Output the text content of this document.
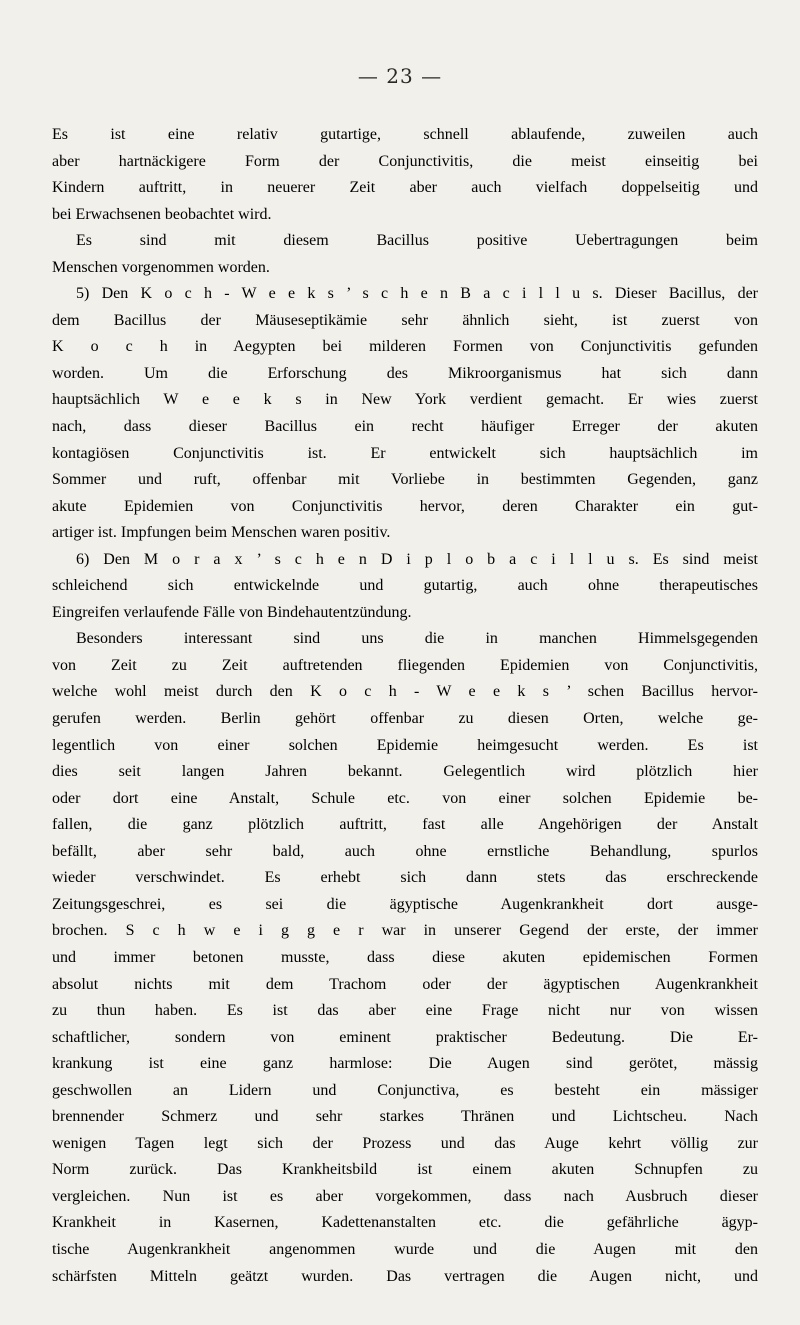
— 23 —
Es ist eine relativ gutartige, schnell ablaufende, zuweilen auch
aber hartnäckigere Form der Conjunctivitis, die meist einseitig bei
Kindern auftritt, in neuerer Zeit aber auch vielfach doppelseitig und
bei Erwachsenen beobachtet wird.
Es sind mit diesem Bacillus positive Uebertragungen beim
Menschen vorgenommen worden.
5) Den K o c h - W e e k s ’ s c h e n B a c i l l u s. Dieser Bacillus, der
dem Bacillus der Mäuseseptikämie sehr ähnlich sieht, ist zuerst von
K o c h in Aegypten bei milderen Formen von Conjunctivitis gefunden
worden. Um die Erforschung des Mikroorganismus hat sich dann
hauptsächlich W e e k s in New York verdient gemacht. Er wies zuerst
nach, dass dieser Bacillus ein recht häufiger Erreger der akuten
kontagiösen Conjunctivitis ist. Er entwickelt sich hauptsächlich im
Sommer und ruft, offenbar mit Vorliebe in bestimmten Gegenden, ganz
akute Epidemien von Conjunctivitis hervor, deren Charakter ein gut-
artiger ist. Impfungen beim Menschen waren positiv.
6) Den M o r a x ’ s c h e n D i p l o b a c i l l u s. Es sind meist
schleichend sich entwickelnde und gutartig, auch ohne therapeutisches
Eingreifen verlaufende Fälle von Bindehautentzündung.
Besonders interessant sind uns die in manchen Himmelsgegenden
von Zeit zu Zeit auftretenden fliegenden Epidemien von Conjunctivitis,
welche wohl meist durch den K o c h - W e e k s ’ schen Bacillus hervor-
gerufen werden. Berlin gehört offenbar zu diesen Orten, welche ge-
legentlich von einer solchen Epidemie heimgesucht werden. Es ist
dies seit langen Jahren bekannt. Gelegentlich wird plötzlich hier
oder dort eine Anstalt, Schule etc. von einer solchen Epidemie be-
fallen, die ganz plötzlich auftritt, fast alle Angehörigen der Anstalt
befällt, aber sehr bald, auch ohne ernstliche Behandlung, spurlos
wieder verschwindet. Es erhebt sich dann stets das erschreckende
Zeitungsgeschrei, es sei die ägyptische Augenkrankheit dort ausge-
brochen. S c h w e i g g e r war in unserer Gegend der erste, der immer
und immer betonen musste, dass diese akuten epidemischen Formen
absolut nichts mit dem Trachom oder der ägyptischen Augenkrankheit
zu thun haben. Es ist das aber eine Frage nicht nur von wissen
schaftlicher, sondern von eminent praktischer Bedeutung. Die Er-
krankung ist eine ganz harmlose: Die Augen sind gerötet, mässig
geschwollen an Lidern und Conjunctiva, es besteht ein mässiger
brennender Schmerz und sehr starkes Thränen und Lichtscheu. Nach
wenigen Tagen legt sich der Prozess und das Auge kehrt völlig zur
Norm zurück. Das Krankheitsbild ist einem akuten Schnupfen zu
vergleichen. Nun ist es aber vorgekommen, dass nach Ausbruch dieser
Krankheit in Kasernen, Kadettenanstalten etc. die gefährliche ägyp-
tische Augenkrankheit angenommen wurde und die Augen mit den
schärfsten Mitteln geätzt wurden. Das vertragen die Augen nicht, und
